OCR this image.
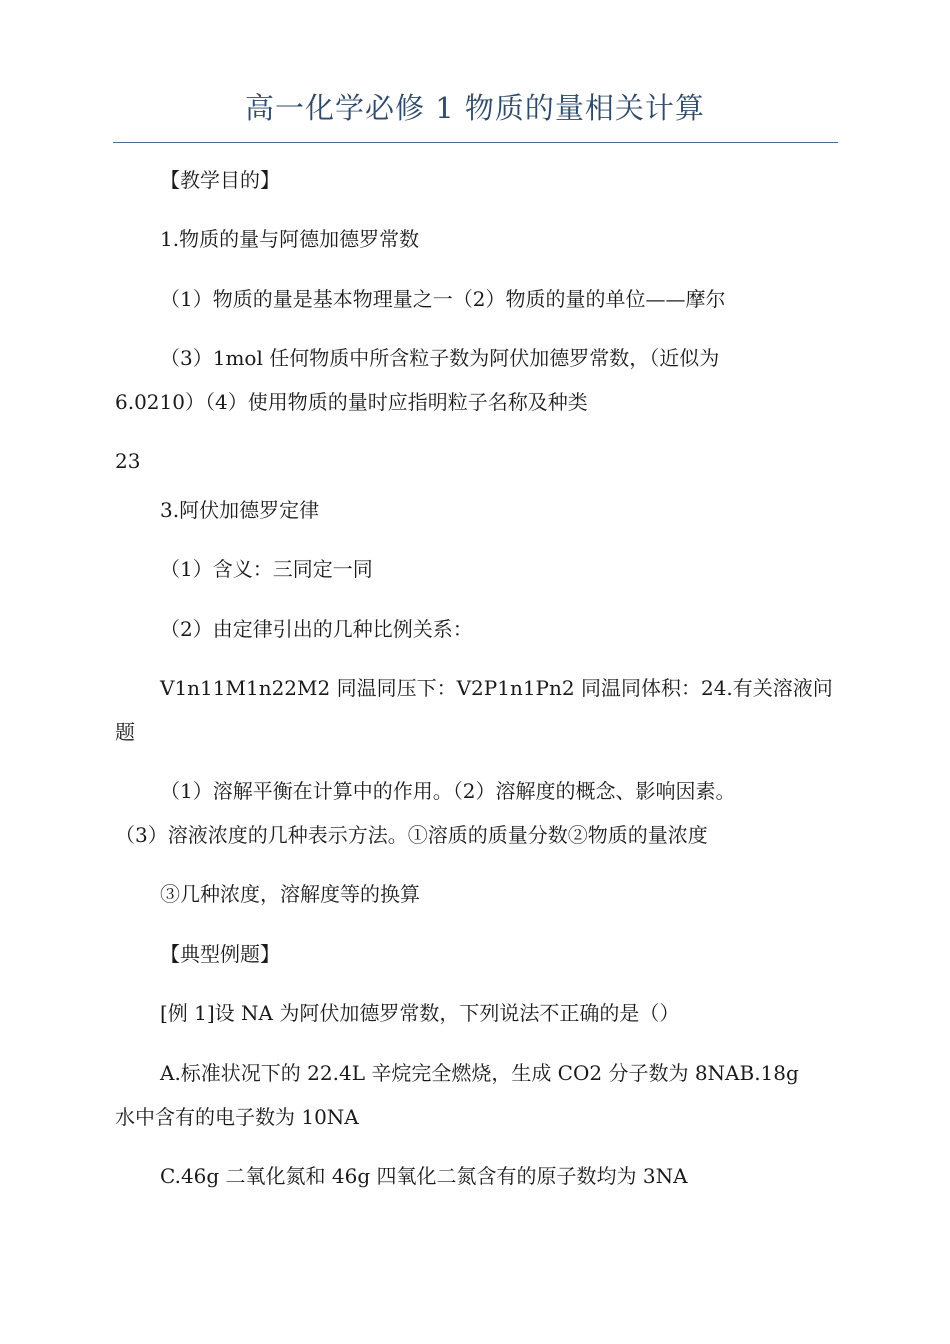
高一化学必修 1 物质的量相关计算

【教学目的】

1.物质的量与阿德加德罗常数

（1）物质的量是基本物理量之一（2）物质的量的单位——摩尔

（3）1mol 任何物质中所含粒子数为阿伏加德罗常数，（近似为

6.0210）（4）使用物质的量时应指明粒子名称及种类

23

3.阿伏加德罗定律

（1）含义：三同定一同

（2）由定律引出的几种比例关系：

V1n11M1n22M2 同温同压下：V2P1n1Pn2 同温同体积：24.有关溶液问

题

（1）溶解平衡在计算中的作用。（2）溶解度的概念、影响因素。

（3）溶液浓度的几种表示方法。①溶质的质量分数②物质的量浓度

③几种浓度，溶解度等的换算

【典型例题】

[例 1]设 NA 为阿伏加德罗常数，下列说法不正确的是（）

A.标准状况下的 22.4L 辛烷完全燃烧，生成 CO2 分子数为 8NAB.18g

水中含有的电子数为 10NA

C.46g 二氧化氮和 46g 四氧化二氮含有的原子数均为 3NA
